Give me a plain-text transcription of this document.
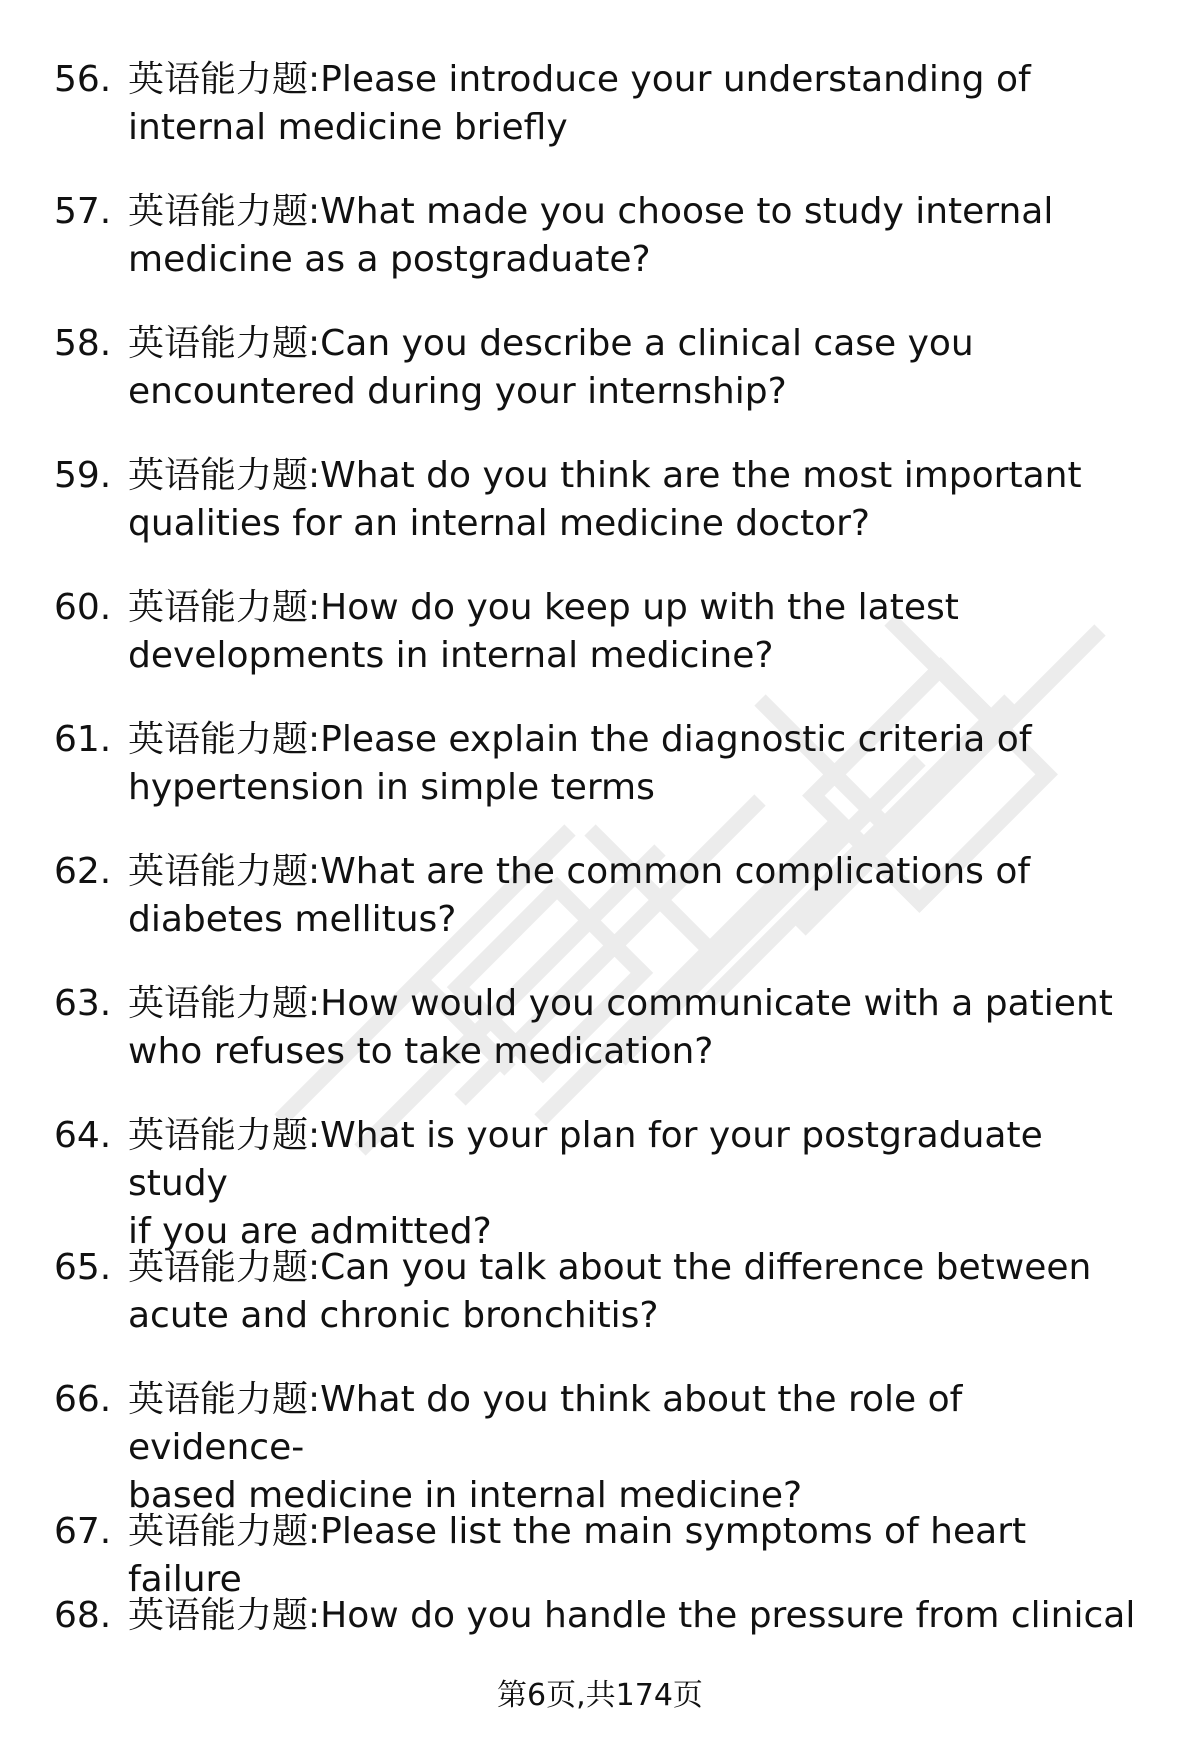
56. 英语能力题:Please introduce your understanding of
internal medicine briefly
57. 英语能力题:What made you choose to study internal
medicine as a postgraduate?
58. 英语能力题:Can you describe a clinical case you
encountered during your internship?
59. 英语能力题:What do you think are the most important
qualities for an internal medicine doctor?
60. 英语能力题:How do you keep up with the latest
developments in internal medicine?
61. 英语能力题:Please explain the diagnostic criteria of
hypertension in simple terms
62. 英语能力题:What are the common complications of
diabetes mellitus?
63. 英语能力题:How would you communicate with a patient
who refuses to take medication?
64. 英语能力题:What is your plan for your postgraduate study
if you are admitted?
65. 英语能力题:Can you talk about the difference between
acute and chronic bronchitis?
66. 英语能力题:What do you think about the role of evidence-
based medicine in internal medicine?
67. 英语能力题:Please list the main symptoms of heart failure
68. 英语能力题:How do you handle the pressure from clinical
第6页,共174页
